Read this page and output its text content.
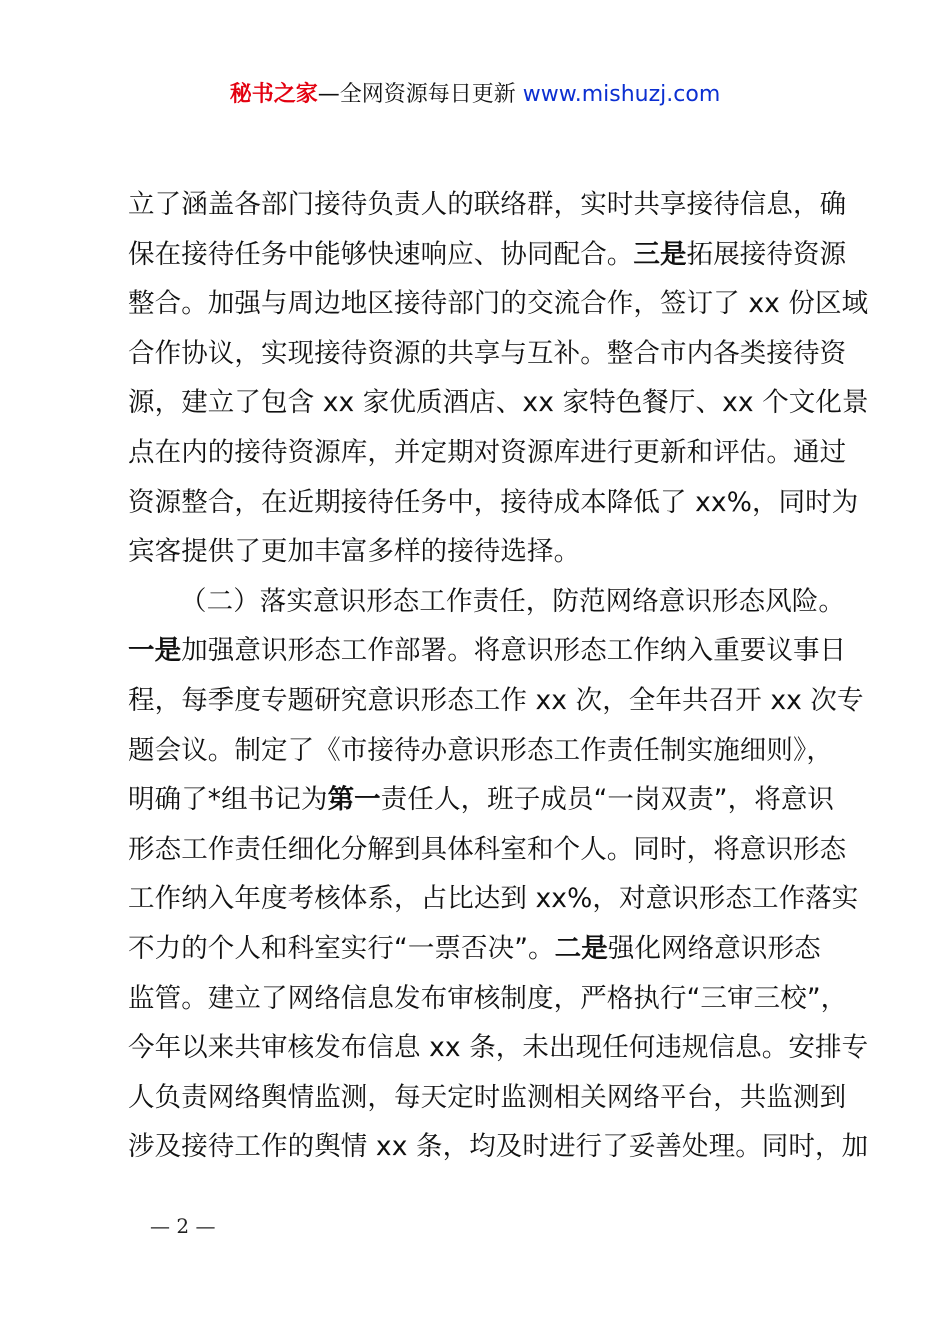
秘书之家—全网资源每日更新 www.mishuzj.com
立了涵盖各部门接待负责人的联络群，实时共享接待信息，确
保在接待任务中能够快速响应、协同配合。三是拓展接待资源
整合。加强与周边地区接待部门的交流合作，签订了 xx 份区域
合作协议，实现接待资源的共享与互补。整合市内各类接待资
源，建立了包含 xx 家优质酒店、xx 家特色餐厅、xx 个文化景
点在内的接待资源库，并定期对资源库进行更新和评估。通过
资源整合，在近期接待任务中，接待成本降低了 xx%，同时为
宾客提供了更加丰富多样的接待选择。
（二）落实意识形态工作责任，防范网络意识形态风险。
一是加强意识形态工作部署。将意识形态工作纳入重要议事日
程，每季度专题研究意识形态工作 xx 次，全年共召开 xx 次专
题会议。制定了《市接待办意识形态工作责任制实施细则》，
明确了*组书记为第一责任人，班子成员“一岗双责”，将意识
形态工作责任细化分解到具体科室和个人。同时，将意识形态
工作纳入年度考核体系，占比达到 xx%，对意识形态工作落实
不力的个人和科室实行“一票否决”。二是强化网络意识形态
监管。建立了网络信息发布审核制度，严格执行“三审三校”，
今年以来共审核发布信息 xx 条，未出现任何违规信息。安排专
人负责网络舆情监测，每天定时监测相关网络平台，共监测到
涉及接待工作的舆情 xx 条，均及时进行了妥善处理。同时，加
— 2 —
